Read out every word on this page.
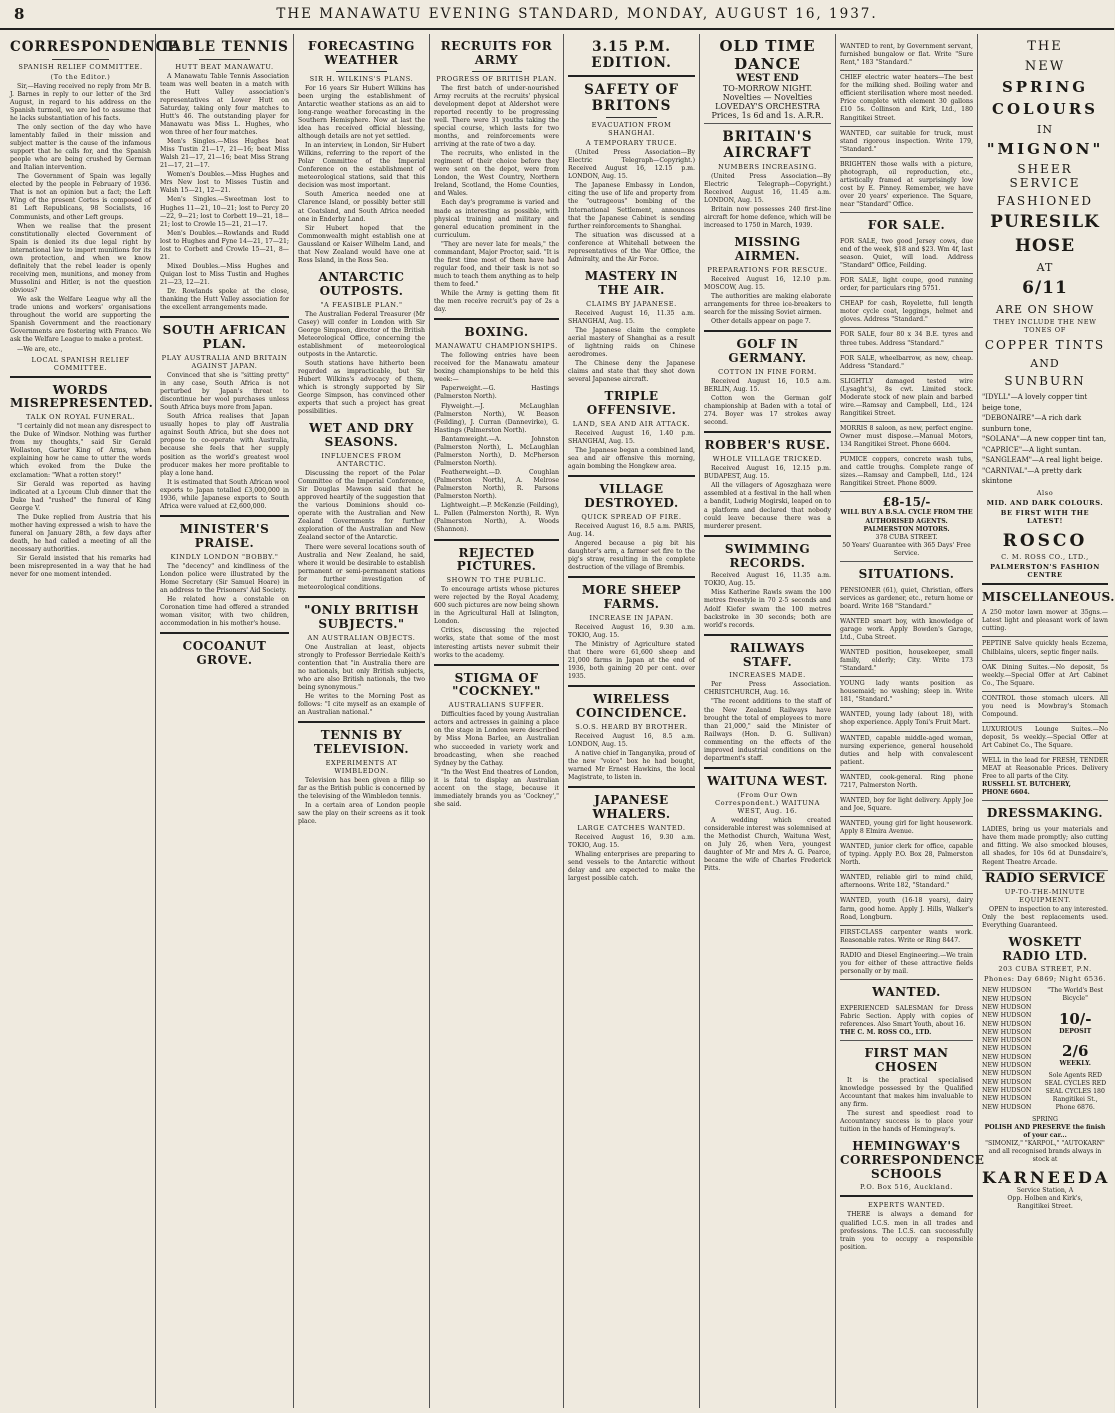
8	THE MANAWATU EVENING STANDARD, MONDAY, AUGUST 16, 1937.
CORRESPONDENCE
SPANISH RELIEF COMMITTEE.
(To the Editor.)

Sir,—Having received no reply from Mr B. J. Barnes in reply to our letter of the 3rd August, in regard to his address on the Spanish turmoil, we are led to assume that he lacks substantiation of his facts.

The only section of the day who have lamentably failed in their mission and subject matter is the cause of the infamous support that he calls for, and the Spanish people who are being crushed by German and Italian intervention.

The Government of Spain was legally elected by the people in February of 1936. That is not an opinion but a fact; the Left Wing of the present Cortes is composed of 81 Left Republicans, 98 Socialists, 16 Communists, and other Left groups.

When we realise that the present constitutionally elected Government of Spain is denied its due legal right by international law to import munitions for its own protection, and when we know definitely that the rebel leader is openly receiving men, munitions, and money from Mussolini and Hitler, is not the question obvious?

We ask the Welfare League why all the trade unions and workers' organisations throughout the world are supporting the Spanish Government and the reactionary Governments are fostering with Franco. We ask the Welfare League to make a protest.

—We are, etc.,

LOCAL SPANISH RELIEF COMMITTEE.
WORDS MISREPRESENTED.
TALK ON ROYAL FUNERAL.

"I certainly did not mean any disrespect to the Duke of Windsor. Nothing was further from my thoughts," said Sir Gerald Wollaston, Garter King of Arms, when explaining how he came to utter the words which evoked from the Duke the exclamation: "What a rotten story!"

Sir Gerald was reported as having indicated at a Lyceum Club dinner that the Duke had "rushed" the funeral of King George V.

The Duke replied from Austria that his mother having expressed a wish to have the funeral on January 28th, a few days after death, he had called a meeting of all the necessary authorities.

Sir Gerald insisted that his remarks had been misrepresented in a way that he had never for one moment intended.

TABLE TENNIS
HUTT BEAT MANAWATU.

A Manawatu Table Tennis Association team was well beaten in a match with the Hutt Valley association's representatives at Lower Hutt on Saturday, taking only four matches to Hutt's 46. The outstanding player for Manawatu was Miss L. Hughes, who won three of her four matches.

Men's Singles.—Miss Hughes beat Miss Tustin 21—17, 21—16; beat Miss Walsh 21—17, 21—16; beat Miss Strang 21—17, 21—17.

Women's Doubles.—Miss Hughes and Mrs New lost to Misses Tustin and Walsh 15—21, 12—21.

Men's Singles.—Sweetman lost to Hughes 11—21, 10—21; lost to Percy 20—22, 9—21; lost to Corbett 19—21, 18—21; lost to Crowle 15—21, 21—17.

Men's Doubles.—Rowlands and Rudd lost to Hughes and Fyne 14—21, 17—21; lost to Corbett and Crowle 15—21, 8—21.

Mixed Doubles.—Miss Hughes and Quigan lost to Miss Tustin and Hughes 21—23, 12—21.

Dr. Rowlands spoke at the close, thanking the Hutt Valley association for the excellent arrangements made.

SOUTH AFRICAN PLAN.
PLAY AUSTRALIA AND BRITAIN AGAINST JAPAN.

Convinced that she is "sitting pretty" in any case, South Africa is not perturbed by Japan's threat to discontinue her wool purchases unless South Africa buys more from Japan.

South Africa realises that Japan usually hopes to play off Australia against South Africa, but she does not propose to co-operate with Australia, because she feels that her supply position as the world's greatest wool producer makes her more profitable to play a lone hand.

It is estimated that South African wool exports to Japan totalled £3,000,000 in 1936, while Japanese exports to South Africa were valued at £2,600,000.

MINISTER'S PRAISE.
KINDLY LONDON "BOBBY."

The "decency" and kindliness of the London police were illustrated by the Home Secretary (Sir Samuel Hoare) in an address to the Prisoners' Aid Society.

He related how a constable on Coronation time had offered a stranded woman visitor, with two children, accommodation in his mother's house.

COCOANUT GROVE.
FORECASTING WEATHER
SIR H. WILKINS'S PLANS.

For 16 years Sir Hubert Wilkins has been urging the establishment of Antarctic weather stations as an aid to long-range weather forecasting in the Southern Hemisphere. Now at last the idea has received official blessing, although details are not yet settled.

In an interview, in London, Sir Hubert Wilkins, referring to the report of the Polar Committee of the Imperial Conference on the establishment of meteorological stations, said that this decision was most important.

South America needed one at Clarence Island, or possibly better still at Coatsland, and South Africa needed one in Enderby Land.

Sir Hubert hoped that the Commonwealth might establish one at Gaussland or Kaiser Wilhelm Land, and that New Zealand would have one at Ross Island, in the Ross Sea.

ANTARCTIC OUTPOSTS.
"A FEASIBLE PLAN."

The Australian Federal Treasurer (Mr Casey) will confer in London with Sir George Simpson, director of the British Meteorological Office, concerning the establishment of meteorological outposts in the Antarctic.

South stations have hitherto been regarded as impracticable, but Sir Hubert Wilkins's advocacy of them, which is strongly supported by Sir George Simpson, has convinced other experts that such a project has great possibilities.

WET AND DRY SEASONS.
INFLUENCES FROM ANTARCTIC.

Discussing the report of the Polar Committee of the Imperial Conference, Sir Douglas Mawson said that he approved heartily of the suggestion that the various Dominions should co-operate with the Australian and New Zealand Governments for further exploration of the Australian and New Zealand sector of the Antarctic.

There were several locations south of Australia and New Zealand, he said, where it would be desirable to establish permanent or semi-permanent stations for further investigation of meteorological conditions.

"ONLY BRITISH SUBJECTS."
AN AUSTRALIAN OBJECTS.

One Australian at least, objects strongly to Professor Berriedale Keith's contention that "in Australia there are no nationals, but only British subjects, who are also British nationals, the two being synonymous."

He writes to the Morning Post as follows: "I cite myself as an example of an Australian national."

TENNIS BY TELEVISION.
EXPERIMENTS AT WIMBLEDON.

Television has been given a fillip so far as the British public is concerned by the televising of the Wimbledon tennis.

In a certain area of London people saw the play on their screens as it took place.

RECRUITS FOR ARMY
PROGRESS OF BRITISH PLAN.

The first batch of under-nourished Army recruits at the recruits' physical development depot at Aldershot were reported recently to be progressing well. There were 31 youths taking the special course, which lasts for two months, and reinforcements were arriving at the rate of two a day.

The recruits, who enlisted in the regiment of their choice before they were sent on the depot, were from London, the West Country, Northern Ireland, Scotland, the Home Counties, and Wales.

Each day's programme is varied and made as interesting as possible, with physical training and military and general education prominent in the curriculum.

"They are never late for meals," the commandant, Major Proctor, said. "It is the first time most of them have had regular food, and their task is not so much to teach them anything as to help them to feed."

While the Army is getting them fit the men receive recruit's pay of 2s a day.

BOXING.
MANAWATU CHAMPIONSHIPS.

The following entries have been received for the Manawatu amateur boxing championships to be held this week:—

Paperweight.—G. Hastings (Palmerston North).

Flyweight.—J. McLaughlan (Palmerston North), W. Beason (Feilding), J. Curran (Dannevirke), G. Hastings (Palmerston North).

Bantamweight.—A. Johnston (Palmerston North), L. McLaughlan (Palmerston North), D. McPherson (Palmerston North).

Featherweight.—D. Coughlan (Palmerston North), A. Melrose (Palmerston North), R. Parsons (Palmerston North).

Lightweight.—P. McKenzie (Feilding), L. Pallen (Palmerston North), R. Wyn (Palmerston North), A. Woods (Shannon).

REJECTED PICTURES.
SHOWN TO THE PUBLIC.

To encourage artists whose pictures were rejected by the Royal Academy, 600 such pictures are now being shown in the Agricultural Hall at Islington, London.

Critics, discussing the rejected works, state that some of the most interesting artists never submit their works to the academy.

STIGMA OF "COCKNEY."
AUSTRALIANS SUFFER.

Difficulties faced by young Australian actors and actresses in gaining a place on the stage in London were described by Miss Mona Barlee, an Australian who succeeded in variety work and broadcasting, when she reached Sydney by the Cathay.

"In the West End theatres of London, it is fatal to display an Australian accent on the stage, because it immediately brands you as 'Cockney'," she said.

3.15 P.M. EDITION.
SAFETY OF BRITONS
EVACUATION FROM SHANGHAI.
A TEMPORARY TRUCE.

(United Press Association—By Electric Telegraph—Copyright.) Received August 16, 12.15 p.m. LONDON, Aug. 15.

The Japanese Embassy in London, citing the use of life and property from the "outrageous" bombing of the International Settlement, announces that the Japanese Cabinet is sending further reinforcements to Shanghai.

The situation was discussed at a conference at Whitehall between the representatives of the War Office, the Admiralty, and the Air Force.

MASTERY IN THE AIR.
CLAIMS BY JAPANESE.

Received August 16, 11.35 a.m. SHANGHAI, Aug. 15.

The Japanese claim the complete aerial mastery of Shanghai as a result of lightning raids on Chinese aerodromes.

The Chinese deny the Japanese claims and state that they shot down several Japanese aircraft.

TRIPLE OFFENSIVE.
LAND, SEA AND AIR ATTACK.

Received August 16, 1.40 p.m. SHANGHAI, Aug. 15.

The Japanese began a combined land, sea and air offensive this morning, again bombing the Hongkew area.

VILLAGE DESTROYED.
QUICK SPREAD OF FIRE.

Received August 16, 8.5 a.m. PARIS, Aug. 14.

Angered because a pig bit his daughter's arm, a farmer set fire to the pig's straw, resulting in the complete destruction of the village of Brembis.

MORE SHEEP FARMS.
INCREASE IN JAPAN.

Received August 16, 9.30 a.m. TOKIO, Aug. 15.

The Ministry of Agriculture stated that there were 61,600 sheep and 21,000 farms in Japan at the end of 1936, both gaining 20 per cent. over 1935.

WIRELESS COINCIDENCE.
S.O.S. HEARD BY BROTHER.

Received August 16, 8.5 a.m. LONDON, Aug. 15.

A native chief in Tanganyika, proud of the new "voice" box he had bought, warned Mr Ernest Hawkins, the local Magistrate, to listen in.

JAPANESE WHALERS.
LARGE CATCHES WANTED.

Received August 16, 9.30 a.m. TOKIO, Aug. 15.

Whaling enterprises are preparing to send vessels to the Antarctic without delay and are expected to make the largest possible catch.

OLD TIME DANCE
WEST END
TO-MORROW NIGHT.
Novelties — Novelties
LOVEDAY'S ORCHESTRA
Prices, 1s 6d and 1s. A.R.R.
BRITAIN'S AIRCRAFT
NUMBERS INCREASING.

(United Press Association—By Electric Telegraph—Copyright.) Received August 16, 11.45 a.m. LONDON, Aug. 15.

Britain now possesses 240 first-line aircraft for home defence, which will be increased to 1750 in March, 1939.

MISSING AIRMEN.
PREPARATIONS FOR RESCUE.

Received August 16, 12.10 p.m. MOSCOW, Aug. 15.

The authorities are making elaborate arrangements for three ice-breakers to search for the missing Soviet airmen.

Other details appear on page 7.

GOLF IN GERMANY.
COTTON IN FINE FORM.

Received August 16, 10.5 a.m. BERLIN, Aug. 15.

Cotton won the German golf championship at Baden with a total of 274. Boyer was 17 strokes away second.

ROBBER'S RUSE.
WHOLE VILLAGE TRICKED.

Received August 16, 12.15 p.m. BUDAPEST, Aug. 15.

All the villagers of Agoszghaza were assembled at a festival in the hall when a bandit, Ludwig Mogirski, leaped on to a platform and declared that nobody could leave because there was a murderer present.

SWIMMING RECORDS.

Received August 16, 11.35 a.m. TOKIO, Aug. 15.

Miss Katherine Rawls swam the 100 metres freestyle in 70 2-5 seconds and Adolf Kiefer swam the 100 metres backstroke in 30 seconds; both are world's records.

RAILWAYS STAFF.
INCREASES MADE.

Per Press Association. CHRISTCHURCH, Aug. 16.

"The recent additions to the staff of the New Zealand Railways have brought the total of employees to more than 21,000," said the Minister of Railways (Hon. D. G. Sullivan) commenting on the effects of the improved industrial conditions on the department's staff.

WAITUNA WEST.
(From Our Own Correspondent.) WAITUNA WEST, Aug. 16.

A wedding which created considerable interest was solemnised at the Methodist Church, Waituna West, on July 26, when Vera, youngest daughter of Mr and Mrs A. G. Pearce, became the wife of Charles Frederick Pitts.

WANTED to rent, by Government servant, furnished bungalow or flat. Write "Sure Rent," 183 "Standard."

CHIEF electric water heaters—The best for the milking shed. Boiling water and efficient sterilisation where most needed. Price complete with element 30 gallons £10 5s. Collinson and Kirk, Ltd., 180 Rangitikei Street.

WANTED, car suitable for truck, must stand rigorous inspection. Write 179, "Standard."

BRIGHTEN those walls with a picture, photograph, oil reproduction, etc., artistically framed at surprisingly low cost by E. Pinney. Remember, we have over 20 years' experience. The Square, near "Standard" Office.

FOR SALE.

FOR SALE, two good Jersey cows, due end of the week, $18 and $23. Wm 4f, last season. Quiet, will load. Address "Standard" Office, Feilding.

FOR SALE, light coupe, good running order, for particulars ring 5751.

CHEAP for cash, Royelette, full length motor cycle coat, leggings, helmet and gloves. Address "Standard."

FOR SALE, four 80 x 34 B.E. tyres and three tubes. Address "Standard."

FOR SALE, wheelbarrow, as new, cheap. Address "Standard."

SLIGHTLY damaged tested wire (Lysaght's), 8s cwt. Limited stock. Moderate stock of new plain and barbed wire.—Ramsay and Campbell, Ltd., 124 Rangitikei Street.

MORRIS 8 saloon, as new, perfect engine. Owner must dispose.—Manual Motors, 134 Rangitikei Street. Phone 6604.

PUMICE coppers, concrete wash tubs, and cattle troughs. Complete range of sizes.—Ramsay and Campbell, Ltd., 124 Rangitikei Street. Phone 8009.

£8-15/-
WILL BUY A B.S.A. CYCLE FROM THE AUTHORISED AGENTS.
PALMERSTON MOTORS.
378 CUBA STREET.
50 Years' Guarantee with 365 Days' Free Service.
SITUATIONS.

PENSIONER (61), quiet, Christian, offers services as gardener, etc., return home or board. Write 168 "Standard."

WANTED smart boy, with knowledge of garage work. Apply Bowden's Garage, Ltd., Cuba Street.

WANTED position, housekeeper, small family, elderly; City. Write 173 "Standard."

YOUNG lady wants position as housemaid; no washing; sleep in. Write 181, "Standard."

WANTED, young lady (about 18), with shop experience. Apply Toni's Fruit Mart.

WANTED, capable middle-aged woman, nursing experience, general household duties and help with convalescent patient.

WANTED, cook-general. Ring phone 7217, Palmerston North.

WANTED, boy for light delivery. Apply Joe and Joe, Square.

WANTED, young girl for light housework. Apply 8 Elmira Avenue.

WANTED, junior clerk for office, capable of typing. Apply P.O. Box 28, Palmerston North.

WANTED, reliable girl to mind child, afternoons. Write 182, "Standard."

WANTED, youth (16-18 years), dairy farm, good home. Apply J. Hills, Walker's Road, Longburn.

FIRST-CLASS carpenter wants work. Reasonable rates. Write or Ring 8447.

RADIO and Diesel Engineering.—We train you for either of these attractive fields personally or by mail.

WANTED.

EXPERIENCED SALESMAN for Dress Fabric Section. Apply with copies of references. Also Smart Youth, about 16.

THE C. M. ROSS CO., LTD.

FIRST MAN CHOSEN

It is the practical specialised knowledge possessed by the Qualified Accountant that makes him invaluable to any firm.

The surest and speediest road to Accountancy success is to place your tuition in the hands of Hemingway's.

HEMINGWAY'S CORRESPONDENCE SCHOOLS
P.O. Box 516, Auckland.
EXPERTS WANTED.

THERE is always a demand for qualified I.C.S. men in all trades and professions. The I.C.S. can successfully train you to occupy a responsible position.

THE
NEW
SPRING
COLOURS
IN
"MIGNON"
SHEER SERVICE
FASHIONED
PURESILK
HOSE
AT
6/11
ARE ON SHOW
THEY INCLUDE THE NEW TONES OF
COPPER TINTS
AND
SUNBURN
"IDYLL"—A lovely copper tint beige tone,
"DEBONAIRE"—A rich dark sunburn tone,
"SOLANA"—A new copper tint tan,
"CAPRICE"—A light suntan.
"SANGLEAM"—A real light beige.
"CARNIVAL"—A pretty dark skintone
Also
MID. AND DARK COLOURS.
BE FIRST WITH THE LATEST!
ROSCO
C. M. ROSS CO., LTD.,
PALMERSTON'S FASHION CENTRE
MISCELLANEOUS.

A 250 motor lawn mower at 35gns.—Latest light and pleasant work of lawn cutting.

PEPTINE Salve quickly heals Eczema, Chilblains, ulcers, septic finger nails.

OAK Dining Suites.—No deposit, 5s weekly.—Special Offer at Art Cabinet Co., The Square.

CONTROL those stomach ulcers. All you need is Mowbray's Stomach Compound.

LUXURIOUS Lounge Suites.—No deposit, 5s weekly.—Special Offer at Art Cabinet Co., The Square.

WELL in the lead for FRESH, TENDER MEAT at Reasonable Prices. Delivery Free to all parts of the City.

RUSSELL ST. BUTCHERY,

PHONE 6604.

DRESSMAKING.

LADIES, bring us your materials and have them made promptly; also cutting and fitting. We also smocked blouses, all shades, for 10s 6d at Dunsdaire's, Regent Theatre Arcade.

RADIO SERVICE
UP-TO-THE-MINUTE EQUIPMENT.

OPEN to inspection to any interested. Only the best replacements used. Everything Guaranteed.

WOSKETT RADIO LTD.
203 CUBA STREET, P.N.
Phones: Day 6869; Night 6536.
NEW HUDSON
NEW HUDSON
NEW HUDSON
NEW HUDSON
NEW HUDSON
NEW HUDSON
NEW HUDSON
NEW HUDSON
NEW HUDSON
NEW HUDSON
NEW HUDSON
NEW HUDSON
NEW HUDSON
NEW HUDSON
NEW HUDSON
"The World's Best Bicycle"
10/-
DEPOSIT
2/6
WEEKLY.
Sole Agents RED SEAL CYCLES RED SEAL CYCLES 180 Rangitikei St., Phone 6876.
SPRING
POLISH AND PRESERVE the finish of your car...
"SIMONIZ," "KARPOL," "AUTOKARN" and all recognised brands always in stock at
KARNEEDA
Service Station, A
Opp. Holben and Kirk's,
Rangitikei Street.
